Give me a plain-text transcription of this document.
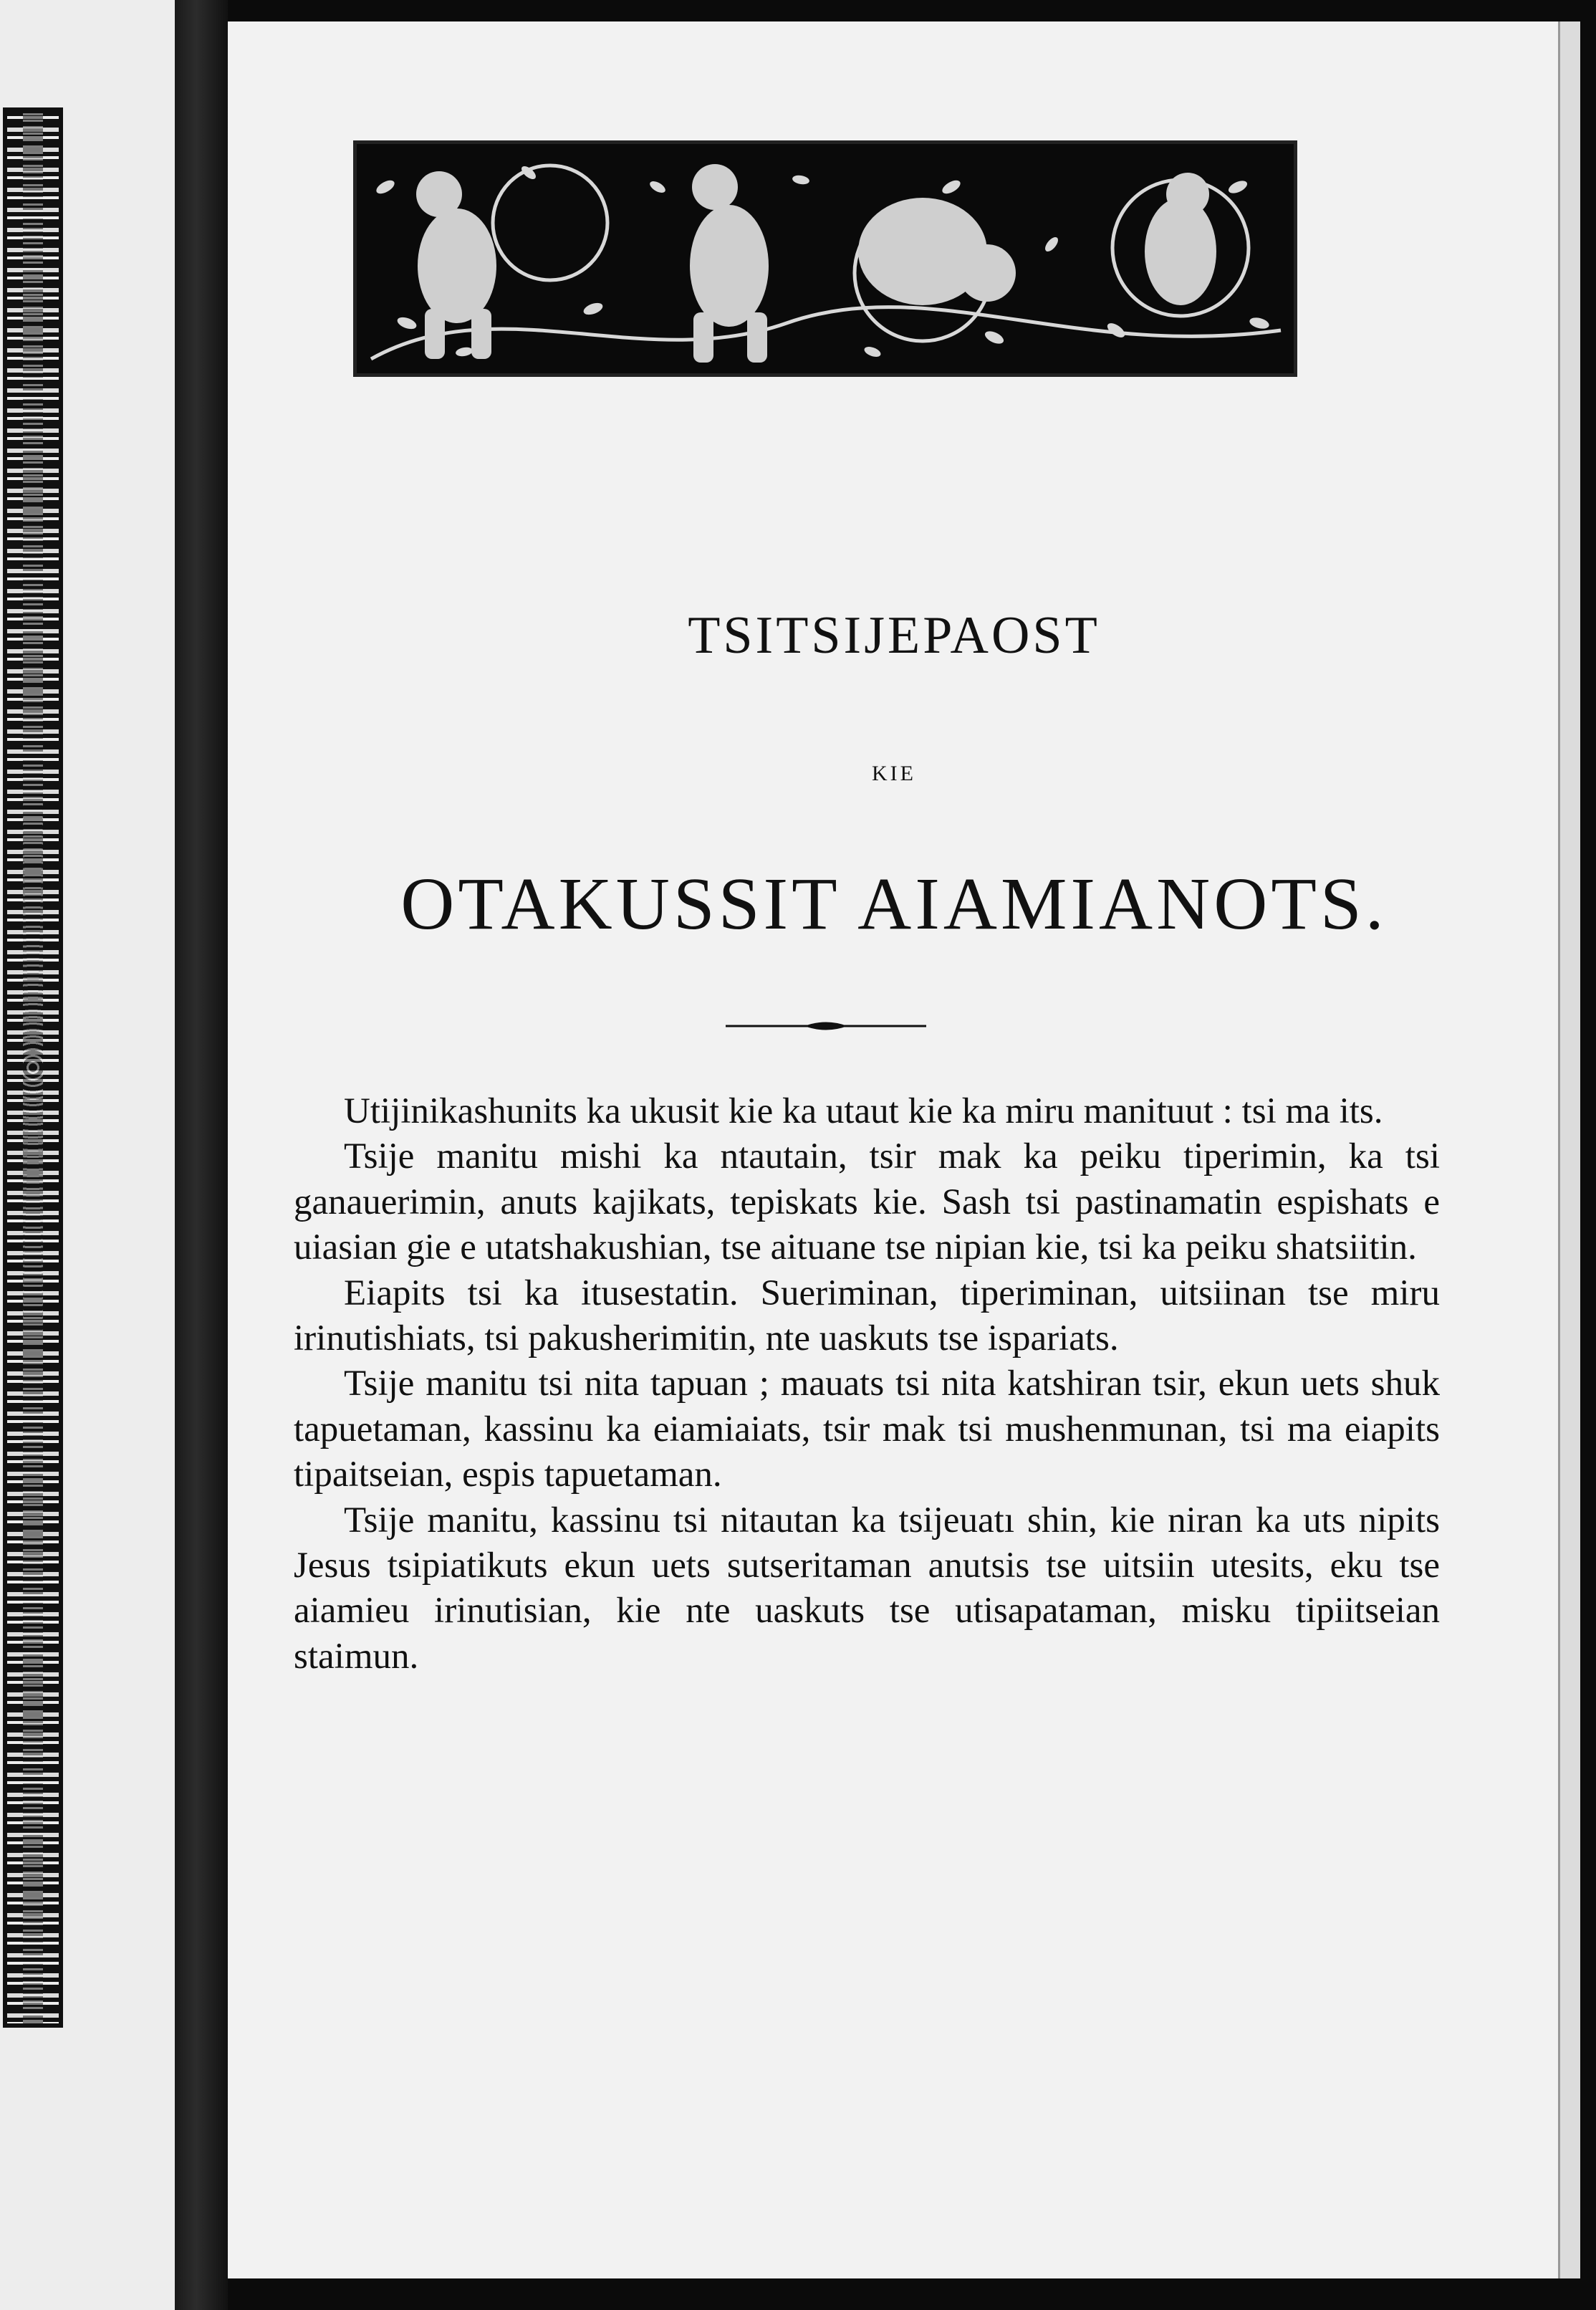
TSITSIJEPAOST
KIE
OTAKUSSIT AIAMIANOTS.

Utijinikashunits ka ukusit kie ka utaut kie ka miru manituut : tsi ma its.

Tsije manitu mishi ka ntautain, tsir mak ka peiku tiperimin, ka tsi ganauerimin, anuts kajikats, tepiskats kie. Sash tsi pastinamatin espishats e uiasian gie e utatshakushian, tse aituane tse nipian kie, tsi ka peiku shatsiitin.

Eiapits tsi ka itusestatin. Sueriminan, tiperiminan, uitsiinan tse miru irinutishiats, tsi pakusherimitin, nte uaskuts tse ispariats.

Tsije manitu tsi nita tapuan ; mauats tsi nita katshiran tsir, ekun uets shuk tapuetaman, kassinu ka eiamiaiats, tsir mak tsi mushenmunan, tsi ma eiapits tipaitseian, espis tapuetaman.

Tsije manitu, kassinu tsi nitautan ka tsijeuatı shin, kie niran ka uts nipits Jesus tsipiatikuts ekun uets sutseritaman anutsis tse uitsiin utesits, eku tse aiamieu irinutisian, kie nte uaskuts tse utisapataman, misku tipiitseian staimun.
